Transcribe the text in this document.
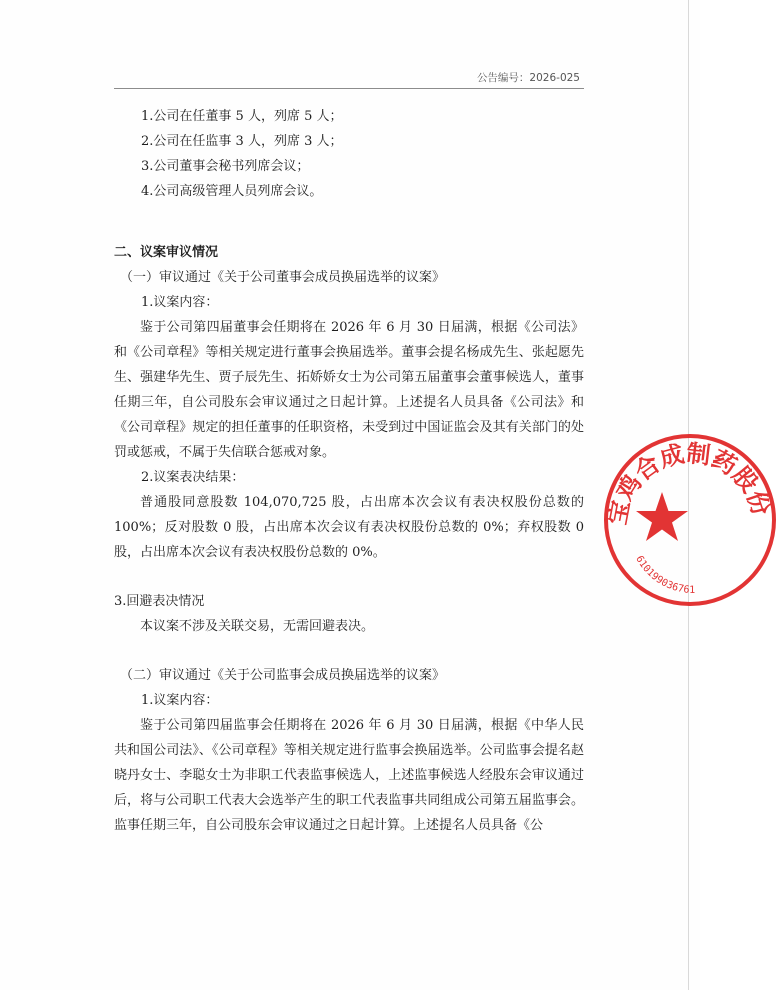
公告编号：2026-025

1.公司在任董事 5 人，列席 5 人；

2.公司在任监事 3 人，列席 3 人；

3.公司董事会秘书列席会议；

4.公司高级管理人员列席会议。

二、议案审议情况

（一）审议通过《关于公司董事会成员换届选举的议案》

1.议案内容：

鉴于公司第四届董事会任期将在 2026 年 6 月 30 日届满，根据《公司法》和《公司章程》等相关规定进行董事会换届选举。董事会提名杨成先生、张起愿先生、强建华先生、贾子辰先生、拓娇娇女士为公司第五届董事会董事候选人，董事任期三年，自公司股东会审议通过之日起计算。上述提名人员具备《公司法》和《公司章程》规定的担任董事的任职资格，未受到过中国证监会及其有关部门的处罚或惩戒，不属于失信联合惩戒对象。

2.议案表决结果：

普通股同意股数 104,070,725 股，占出席本次会议有表决权股份总数的 100%；反对股数 0 股，占出席本次会议有表决权股份总数的 0%；弃权股数 0 股，占出席本次会议有表决权股份总数的 0%。

3.回避表决情况

本议案不涉及关联交易，无需回避表决。

（二）审议通过《关于公司监事会成员换届选举的议案》

1.议案内容：

鉴于公司第四届监事会任期将在 2026 年 6 月 30 日届满，根据《中华人民共和国公司法》、《公司章程》等相关规定进行监事会换届选举。公司监事会提名赵晓丹女士、李聪女士为非职工代表监事候选人，上述监事候选人经股东会审议通过后，将与公司职工代表大会选举产生的职工代表监事共同组成公司第五届监事会。监事任期三年，自公司股东会审议通过之日起计算。上述提名人员具备《公

宝鸡合成制药股份
610199036761
